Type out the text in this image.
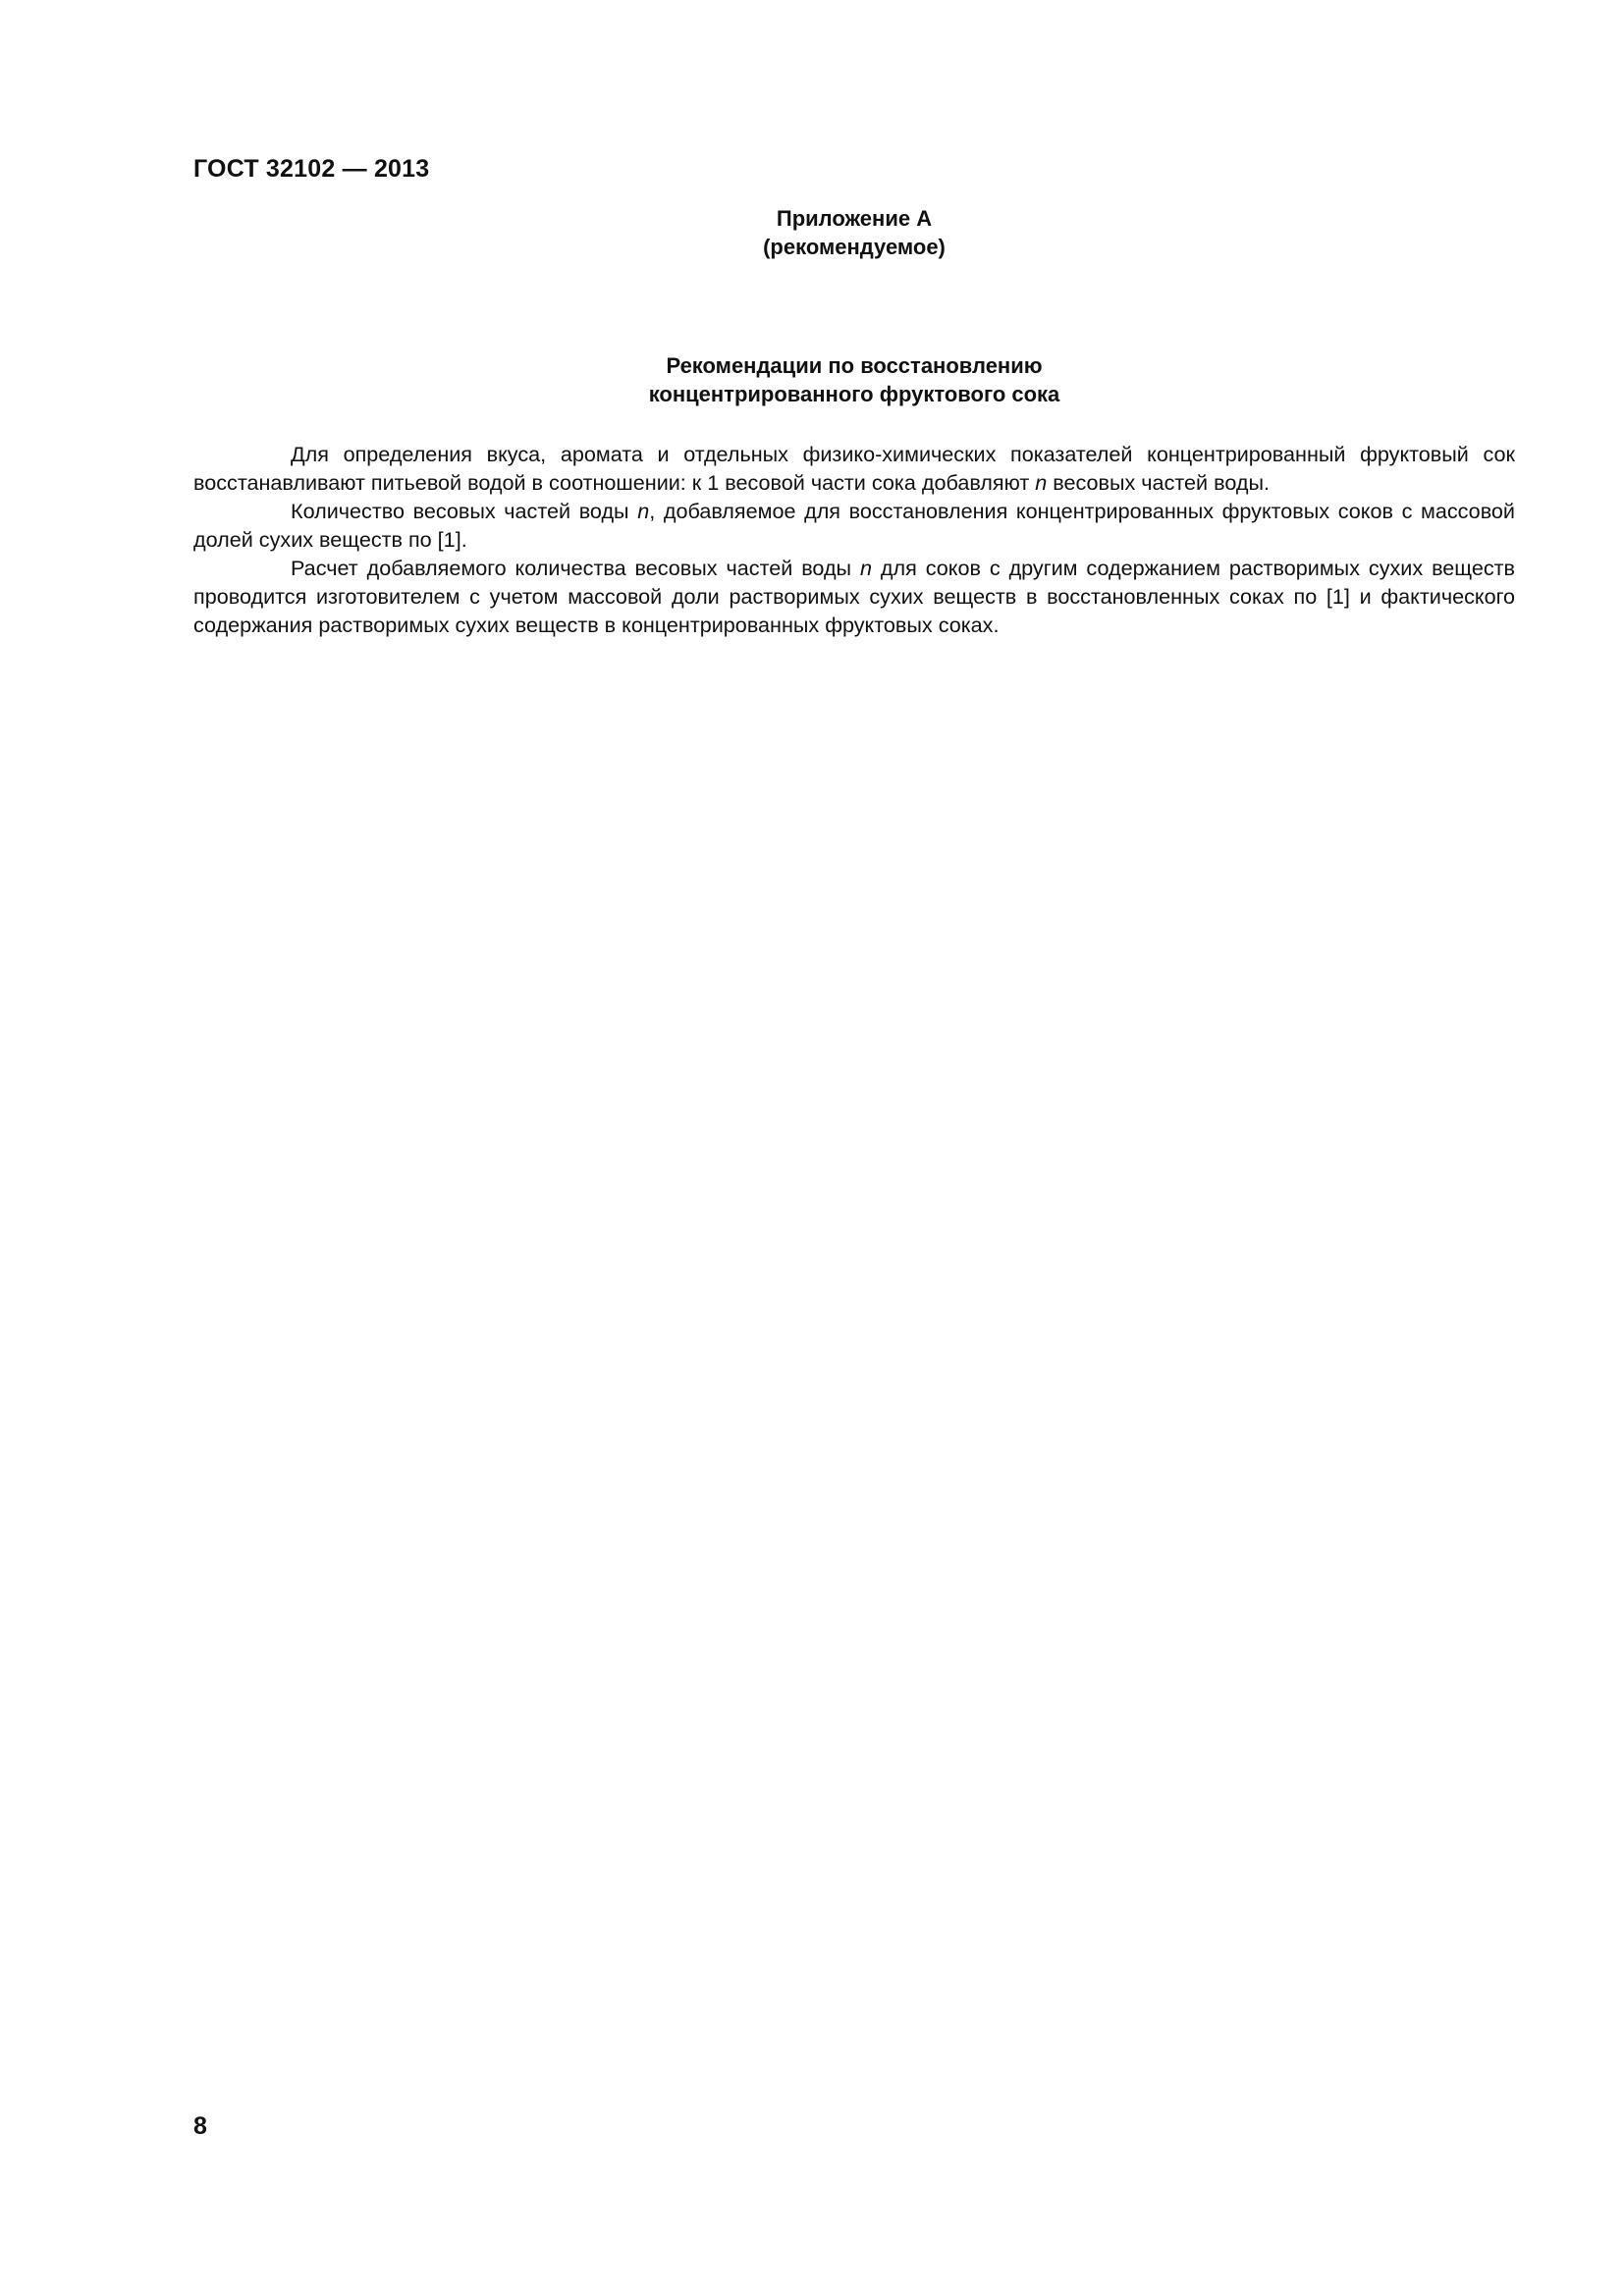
ГОСТ 32102 — 2013
Приложение А
(рекомендуемое)
Рекомендации по восстановлению
концентрированного фруктового сока

Для определения вкуса, аромата и отдельных физико-химических показателей концентрированный фруктовый сок восстанавливают питьевой водой в соотношении: к 1 весовой части сока добавляют n весовых частей воды.

Количество весовых частей воды n, добавляемое для восстановления концентрированных фруктовых соков с массовой долей сухих веществ по [1].

Расчет добавляемого количества весовых частей воды n для соков с другим содержанием растворимых сухих веществ проводится изготовителем с учетом массовой доли растворимых сухих веществ в восстановленных соках по [1] и фактического содержания растворимых сухих веществ в концентрированных фруктовых соках.

8
